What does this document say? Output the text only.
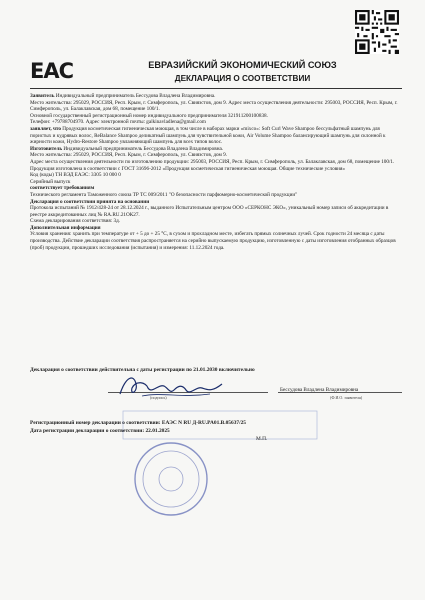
EAC	ЕВРАЗИЙСКИЙ ЭКОНОМИЧЕСКИЙ СОЮЗ
ДЕКЛАРАЦИЯ О СООТВЕТСТВИИ

Заявитель Индивидуальный предприниматель Бессудова Владлена Владимировна.

Место жительства: 295029, РОССИЯ, Респ. Крым, г. Симферополь, ул. Свиязстов, дом 9. Адрес места осуществления деятельности: 295003, РОССИЯ, Респ. Крым, г. Симферополь, ул. Балаклавская, дом 68, помещение 100/1.

Основной государственный регистрационный номер индивидуального предпринимателя 321911200100838.

Телефон: +79788704970. Адрес электронной почты: galkinavladlena@gmail.com

заявляет, что Продукция косметическая гигиеническая моющая, в том числе в наборах марки «mixco»: Soft Curl Wave Shampoo бессульфатный шампунь для пористых и кудрявых волос, ReBalance Shampoo деликатный шампунь для чувствительной кожи, Air Volume Shampoo балансирующий шампунь для склонной к жирности кожи, Hydro-Restore Shampoo увлажняющий шампунь для всех типов волос.

Изготовитель Индивидуальный предприниматель Бессудова Владлена Владимировна.

Место жительства: 295029, РОССИЯ, Респ. Крым, г. Симферополь, ул. Свиязстов, дом 9.

Адрес места осуществления деятельности по изготовлению продукции: 295003, РОССИЯ, Респ. Крым, г. Симферополь, ул. Балаклавская, дом 68, помещение 100/1.

Продукция изготовлена в соответствии с ГОСТ 31696-2012 «Продукция косметическая гигиеническая моющая. Общие технические условия»

Код (коды) ТН ВЭД ЕАЭС: 3305 10 000 0

Серийный выпуск

соответствует требованиям

Технического регламента Таможенного союза ТР ТС 009/2011 "О безопасности парфюмерно-косметической продукции"

Декларация о соответствии принята на основании

Протокола испытаний № 1912/428-24 от 28.12.2024 г., выданного Испытательным центром ООО «СЕРКОНС ЭКО», уникальный номер записи об аккредитации в реестре аккредитованных лиц № RA.RU.21ОК27.

Схема декларирования соответствия: 3д.

Дополнительная информация

Условия хранения: хранить при температуре от + 5 до + 25 °С, в сухом и прохладном месте, избегать прямых солнечных лучей. Срок годности 24 месяца с даты производства. Действие декларации соответствия распространяется на серийно выпускаемую продукцию, изготовленную с даты изготовления отобранных образцов (проб) продукции, прошедших исследования (испытания) и измерения: 11.12.2024 года.

Декларация о соответствии действительна с даты регистрации по 21.01.2030 включительно
(подпись)
Бессудова Владлена Владимировна
(Ф.И.О. заявителя)
Регистрационный номер декларации о соответствии: ЕАЭС N RU Д-RU.PA01.B.05637/25
Дата регистрации декларации о соответствии: 22.01.2025
М.П.
